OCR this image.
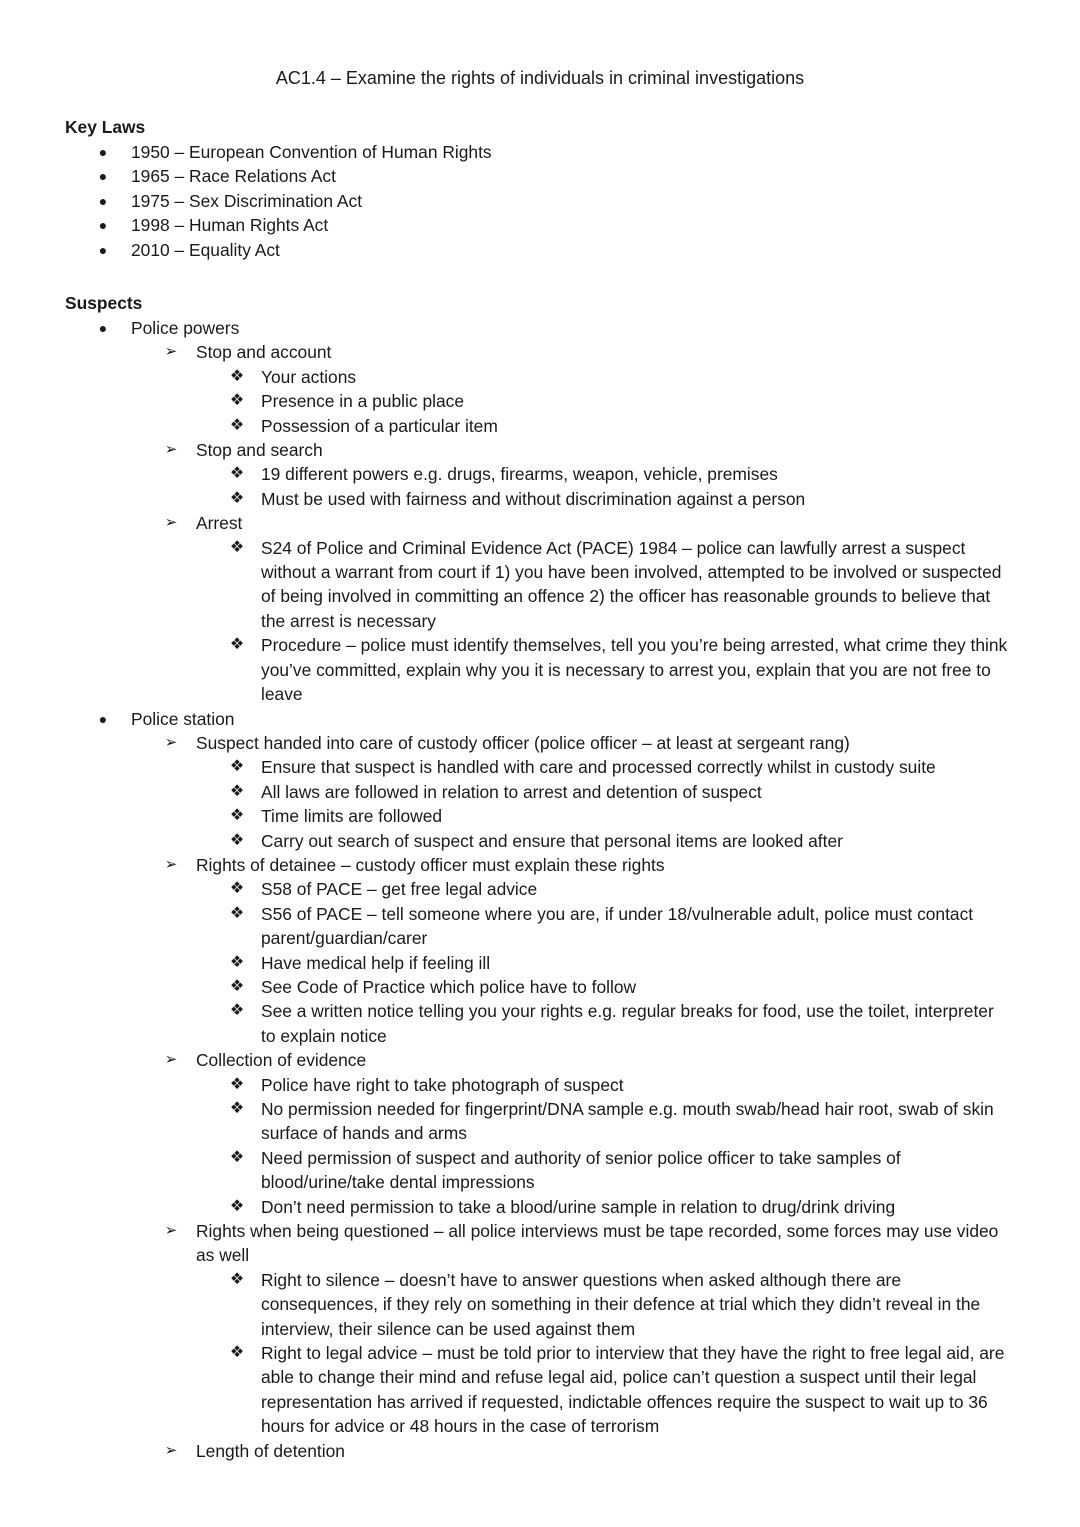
AC1.4 – Examine the rights of individuals in criminal investigations
Key Laws
● 1950 – European Convention of Human Rights
● 1965 – Race Relations Act
● 1975 – Sex Discrimination Act
● 1998 – Human Rights Act
● 2010 – Equality Act
Suspects
● Police powers
➢ Stop and account
❖ Your actions
❖ Presence in a public place
❖ Possession of a particular item
➢ Stop and search
❖ 19 different powers e.g. drugs, firearms, weapon, vehicle, premises
❖ Must be used with fairness and without discrimination against a person
➢ Arrest
❖ S24 of Police and Criminal Evidence Act (PACE) 1984 – police can lawfully arrest a suspect without a warrant from court if 1) you have been involved, attempted to be involved or suspected of being involved in committing an offence 2) the officer has reasonable grounds to believe that the arrest is necessary
❖ Procedure – police must identify themselves, tell you you’re being arrested, what crime they think you’ve committed, explain why you it is necessary to arrest you, explain that you are not free to leave
● Police station
➢ Suspect handed into care of custody officer (police officer – at least at sergeant rang)
❖ Ensure that suspect is handled with care and processed correctly whilst in custody suite
❖ All laws are followed in relation to arrest and detention of suspect
❖ Time limits are followed
❖ Carry out search of suspect and ensure that personal items are looked after
➢ Rights of detainee – custody officer must explain these rights
❖ S58 of PACE – get free legal advice
❖ S56 of PACE – tell someone where you are, if under 18/vulnerable adult, police must contact parent/guardian/carer
❖ Have medical help if feeling ill
❖ See Code of Practice which police have to follow
❖ See a written notice telling you your rights e.g. regular breaks for food, use the toilet, interpreter to explain notice
➢ Collection of evidence
❖ Police have right to take photograph of suspect
❖ No permission needed for fingerprint/DNA sample e.g. mouth swab/head hair root, swab of skin surface of hands and arms
❖ Need permission of suspect and authority of senior police officer to take samples of blood/urine/take dental impressions
❖ Don’t need permission to take a blood/urine sample in relation to drug/drink driving
➢ Rights when being questioned – all police interviews must be tape recorded, some forces may use video as well
❖ Right to silence – doesn’t have to answer questions when asked although there are consequences, if they rely on something in their defence at trial which they didn’t reveal in the interview, their silence can be used against them
❖ Right to legal advice – must be told prior to interview that they have the right to free legal aid, are able to change their mind and refuse legal aid, police can’t question a suspect until their legal representation has arrived if requested, indictable offences require the suspect to wait up to 36 hours for advice or 48 hours in the case of terrorism
➢ Length of detention
